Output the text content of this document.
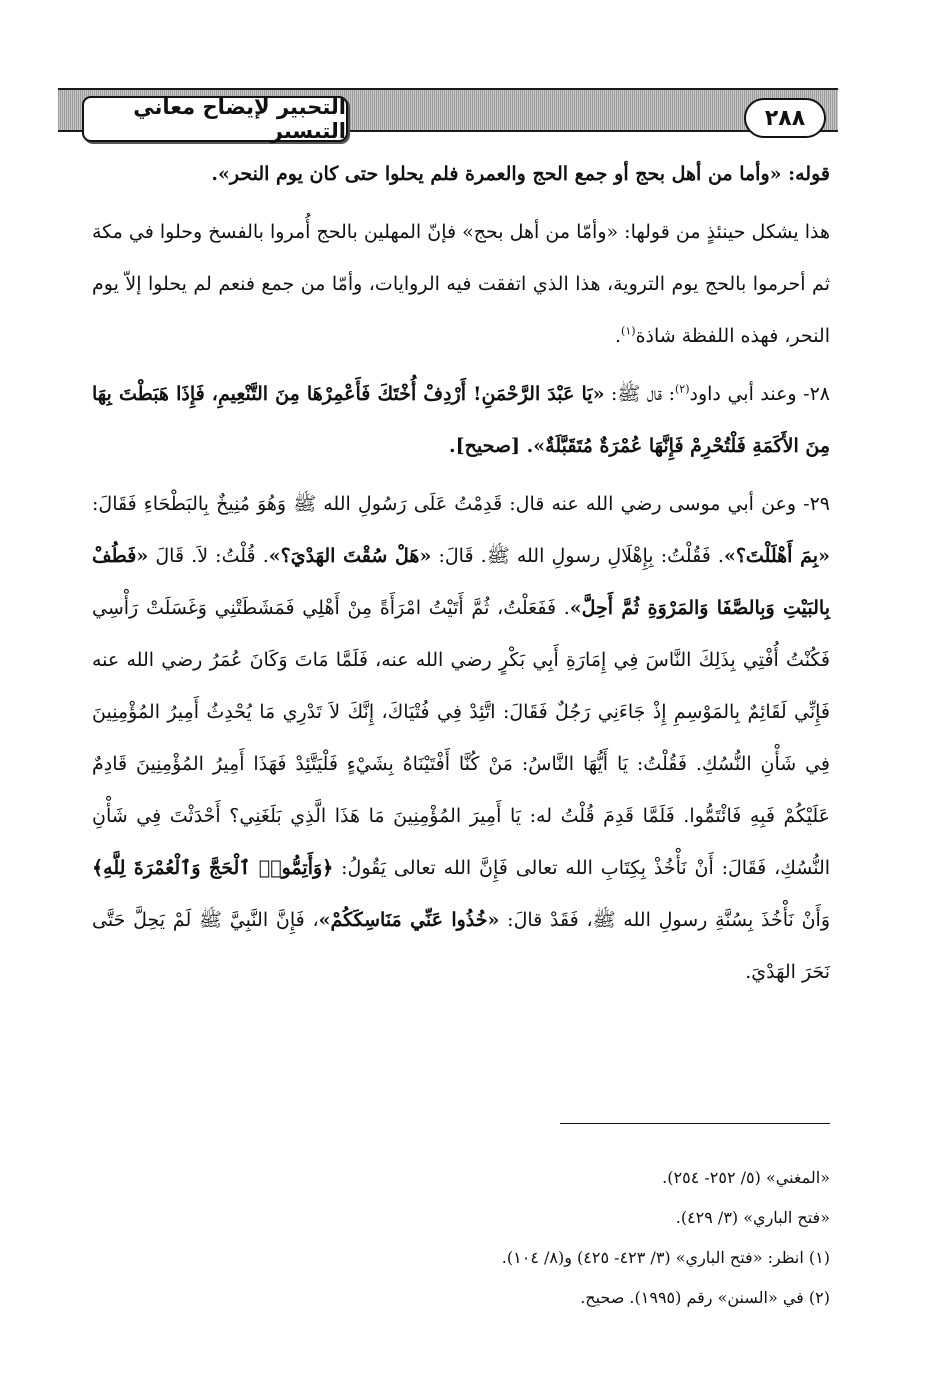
٢٨٨
التحبير لإيضاح معاني التيسير

قوله: «وأما من أهل بحج أو جمع الحج والعمرة فلم يحلوا حتى كان يوم النحر».

هذا يشكل حينئذٍ من قولها: «وأمّا من أهل بحج» فإنّ المهلين بالحج أُمروا بالفسخ وحلوا في مكة ثم أحرموا بالحج يوم التروية، هذا الذي اتفقت فيه الروايات، وأمّا من جمع فنعم لم يحلوا إلاّ يوم النحر، فهذه اللفظة شاذة$^{(١)}$.

٢٨- وعند أبي داود$^{(٢)}$: قال ﷺ: «يَا عَبْدَ الرَّحْمَنِ! أَرْدِفْ أُخْتَكَ فَأَعْمِرْهَا مِنَ التَّنْعِيمِ، فَإِذَا هَبَطْتَ بِهَا مِنَ الأَكَمَةِ فَلْتُحْرِمْ فَإِنَّهَا عُمْرَةٌ مُتَقَبَّلَةٌ». [صحيح].

٢٩- وعن أبي موسى رضي الله عنه قال: قَدِمْتُ عَلَى رَسُولِ الله ﷺ وَهُوَ مُنِيخٌ بِالبَطْحَاءِ فَقَالَ: «بِمَ أَهْلَلْتَ؟». فَقُلْتُ: بِإِهْلَالِ رسولِ الله ﷺ. قَالَ: «هَلْ سُقْتَ الهَدْيَ؟». قُلْتُ: لاَ. قَالَ «فَطُفْ بِالبَيْتِ وَبِالصَّفَا وَالمَرْوَةِ ثُمَّ أَحِلَّ». فَفَعَلْتُ، ثُمَّ أَتَيْتُ امْرَأَةً مِنْ أَهْلِي فَمَشَطَتْنِي وَغَسَلَتْ رَأْسِي فَكُنْتُ أُفْتِي بِذَلِكَ النَّاسَ فِي إِمَارَةِ أَبِي بَكْرٍ رضي الله عنه، فَلَمَّا مَاتَ وَكَانَ عُمَرُ رضي الله عنه فَإِنِّي لَقَائِمٌ بِالمَوْسِمِ إِذْ جَاءَنِي رَجُلٌ فَقَالَ: اتَّئِدْ فِي فُتْيَاكَ، إِنَّكَ لاَ تَدْرِي مَا يُحْدِثُ أَمِيرُ المُؤْمِنِينَ فِي شَأْنِ النُّسُكِ. فَقُلْتُ: يَا أَيُّهَا النَّاسُ: مَنْ كُنَّا أَفْتَيْنَاهُ بِشَيْءٍ فَلْيَتَّئِدْ فَهَذَا أَمِيرُ المُؤْمِنِينَ قَادِمٌ عَلَيْكُمْ فَبِهِ فَائْتَمُّوا. فَلَمَّا قَدِمَ قُلْتُ له: يَا أَمِيرَ المُؤْمِنِينَ مَا هَذَا الَّذِي بَلَغَنِي؟ أَحْدَثْتَ فِي شَأْنِ النُّسُكِ، فَقَالَ: أَنْ نَأْخُذْ بِكِتَابِ الله تعالى فَإِنَّ الله تعالى يَقُولُ: ﴿وَأَتِمُّوا۟ ٱلْحَجَّ وَٱلْعُمْرَةَ لِلَّهِ﴾ وَأَنْ نَأْخُذَ بِسُنَّةِ رسولِ الله ﷺ، فَقَدْ قالَ: «خُذُوا عَنِّي مَنَاسِكَكُمْ»، فَإِنَّ النَّبِيَّ ﷺ لَمْ يَحِلَّ حَتَّى نَحَرَ الهَدْيَ.

«المغني» (٥/ ٢٥٢- ٢٥٤).
«فتح الباري» (٣/ ٤٢٩).
(١) انظر: «فتح الباري» (٣/ ٤٢٣- ٤٢٥) و(٨/ ١٠٤).
(٢) في «السنن» رقم (١٩٩٥). صحيح.
